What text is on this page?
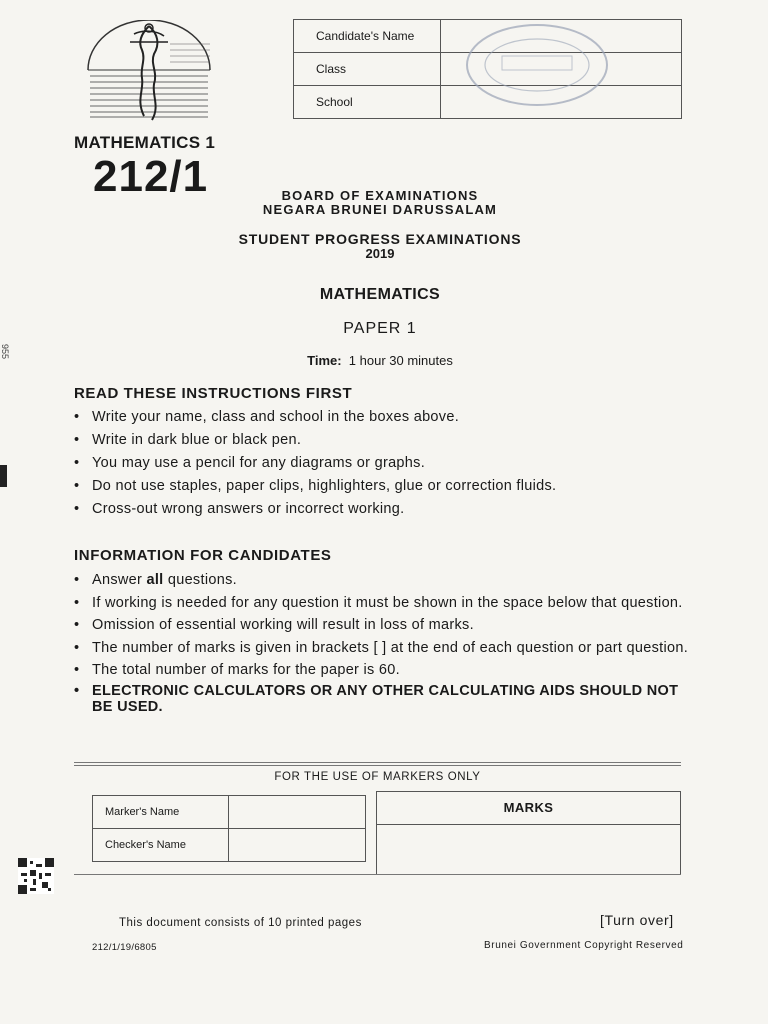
Candidate's Name	
Class	
School	
MATHEMATICS 1
212/1	BOARD OF EXAMINATIONS
NEGARA BRUNEI DARUSSALAM
STUDENT PROGRESS EXAMINATIONS
2019
MATHEMATICS
PAPER 1
Time: 1 hour 30 minutes
READ THESE INSTRUCTIONS FIRST
• Write your name, class and school in the boxes above.
• Write in dark blue or black pen.
• You may use a pencil for any diagrams or graphs.
• Do not use staples, paper clips, highlighters, glue or correction fluids.
• Cross-out wrong answers or incorrect working.
INFORMATION FOR CANDIDATES
• Answer all questions.
• If working is needed for any question it must be shown in the space below that question.
• Omission of essential working will result in loss of marks.
• The number of marks is given in brackets [ ] at the end of each question or part question.
• The total number of marks for the paper is 60.
• ELECTRONIC CALCULATORS OR ANY OTHER CALCULATING AIDS SHOULD NOT BE USED.
FOR THE USE OF MARKERS ONLY
Marker's Name	
Checker's Name	
MARKS
This document consists of 10 printed pages	[Turn over]
212/1/19/6805	Brunei Government Copyright Reserved
955
